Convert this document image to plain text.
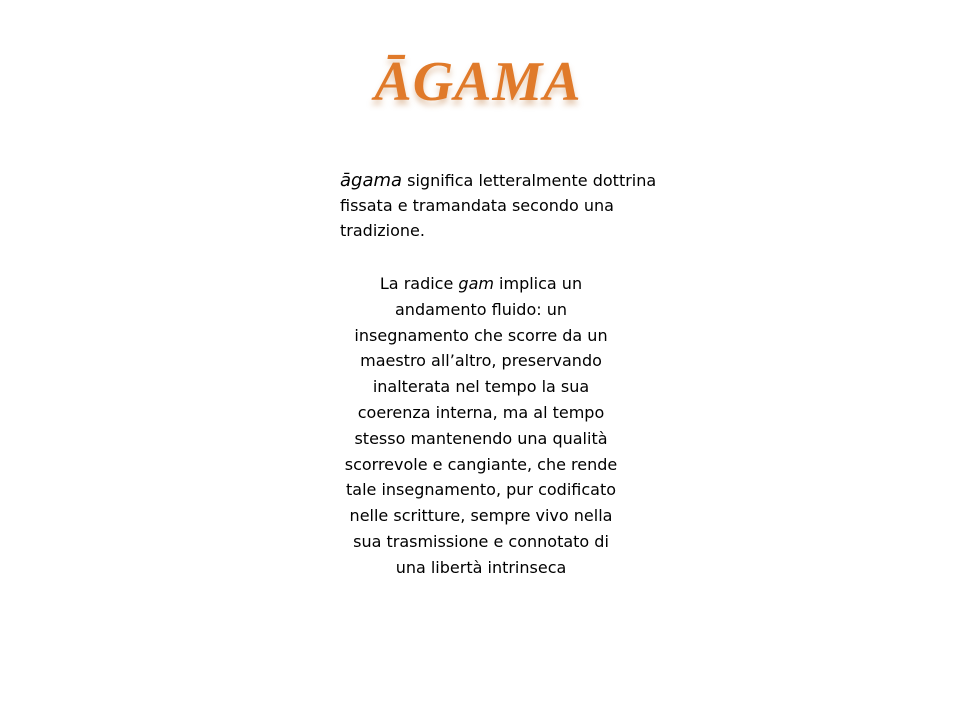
ĀGAMA
āgama significa letteralmente dottrina fissata e tramandata secondo una tradizione.
La radice gam implica un andamento fluido: un insegnamento che scorre da un maestro all’altro, preservando inalterata nel tempo la sua coerenza interna, ma al tempo stesso mantenendo una qualità scorrevole e cangiante, che rende tale insegnamento, pur codificato nelle scritture, sempre vivo nella sua trasmissione e connotato di una libertà intrinseca
